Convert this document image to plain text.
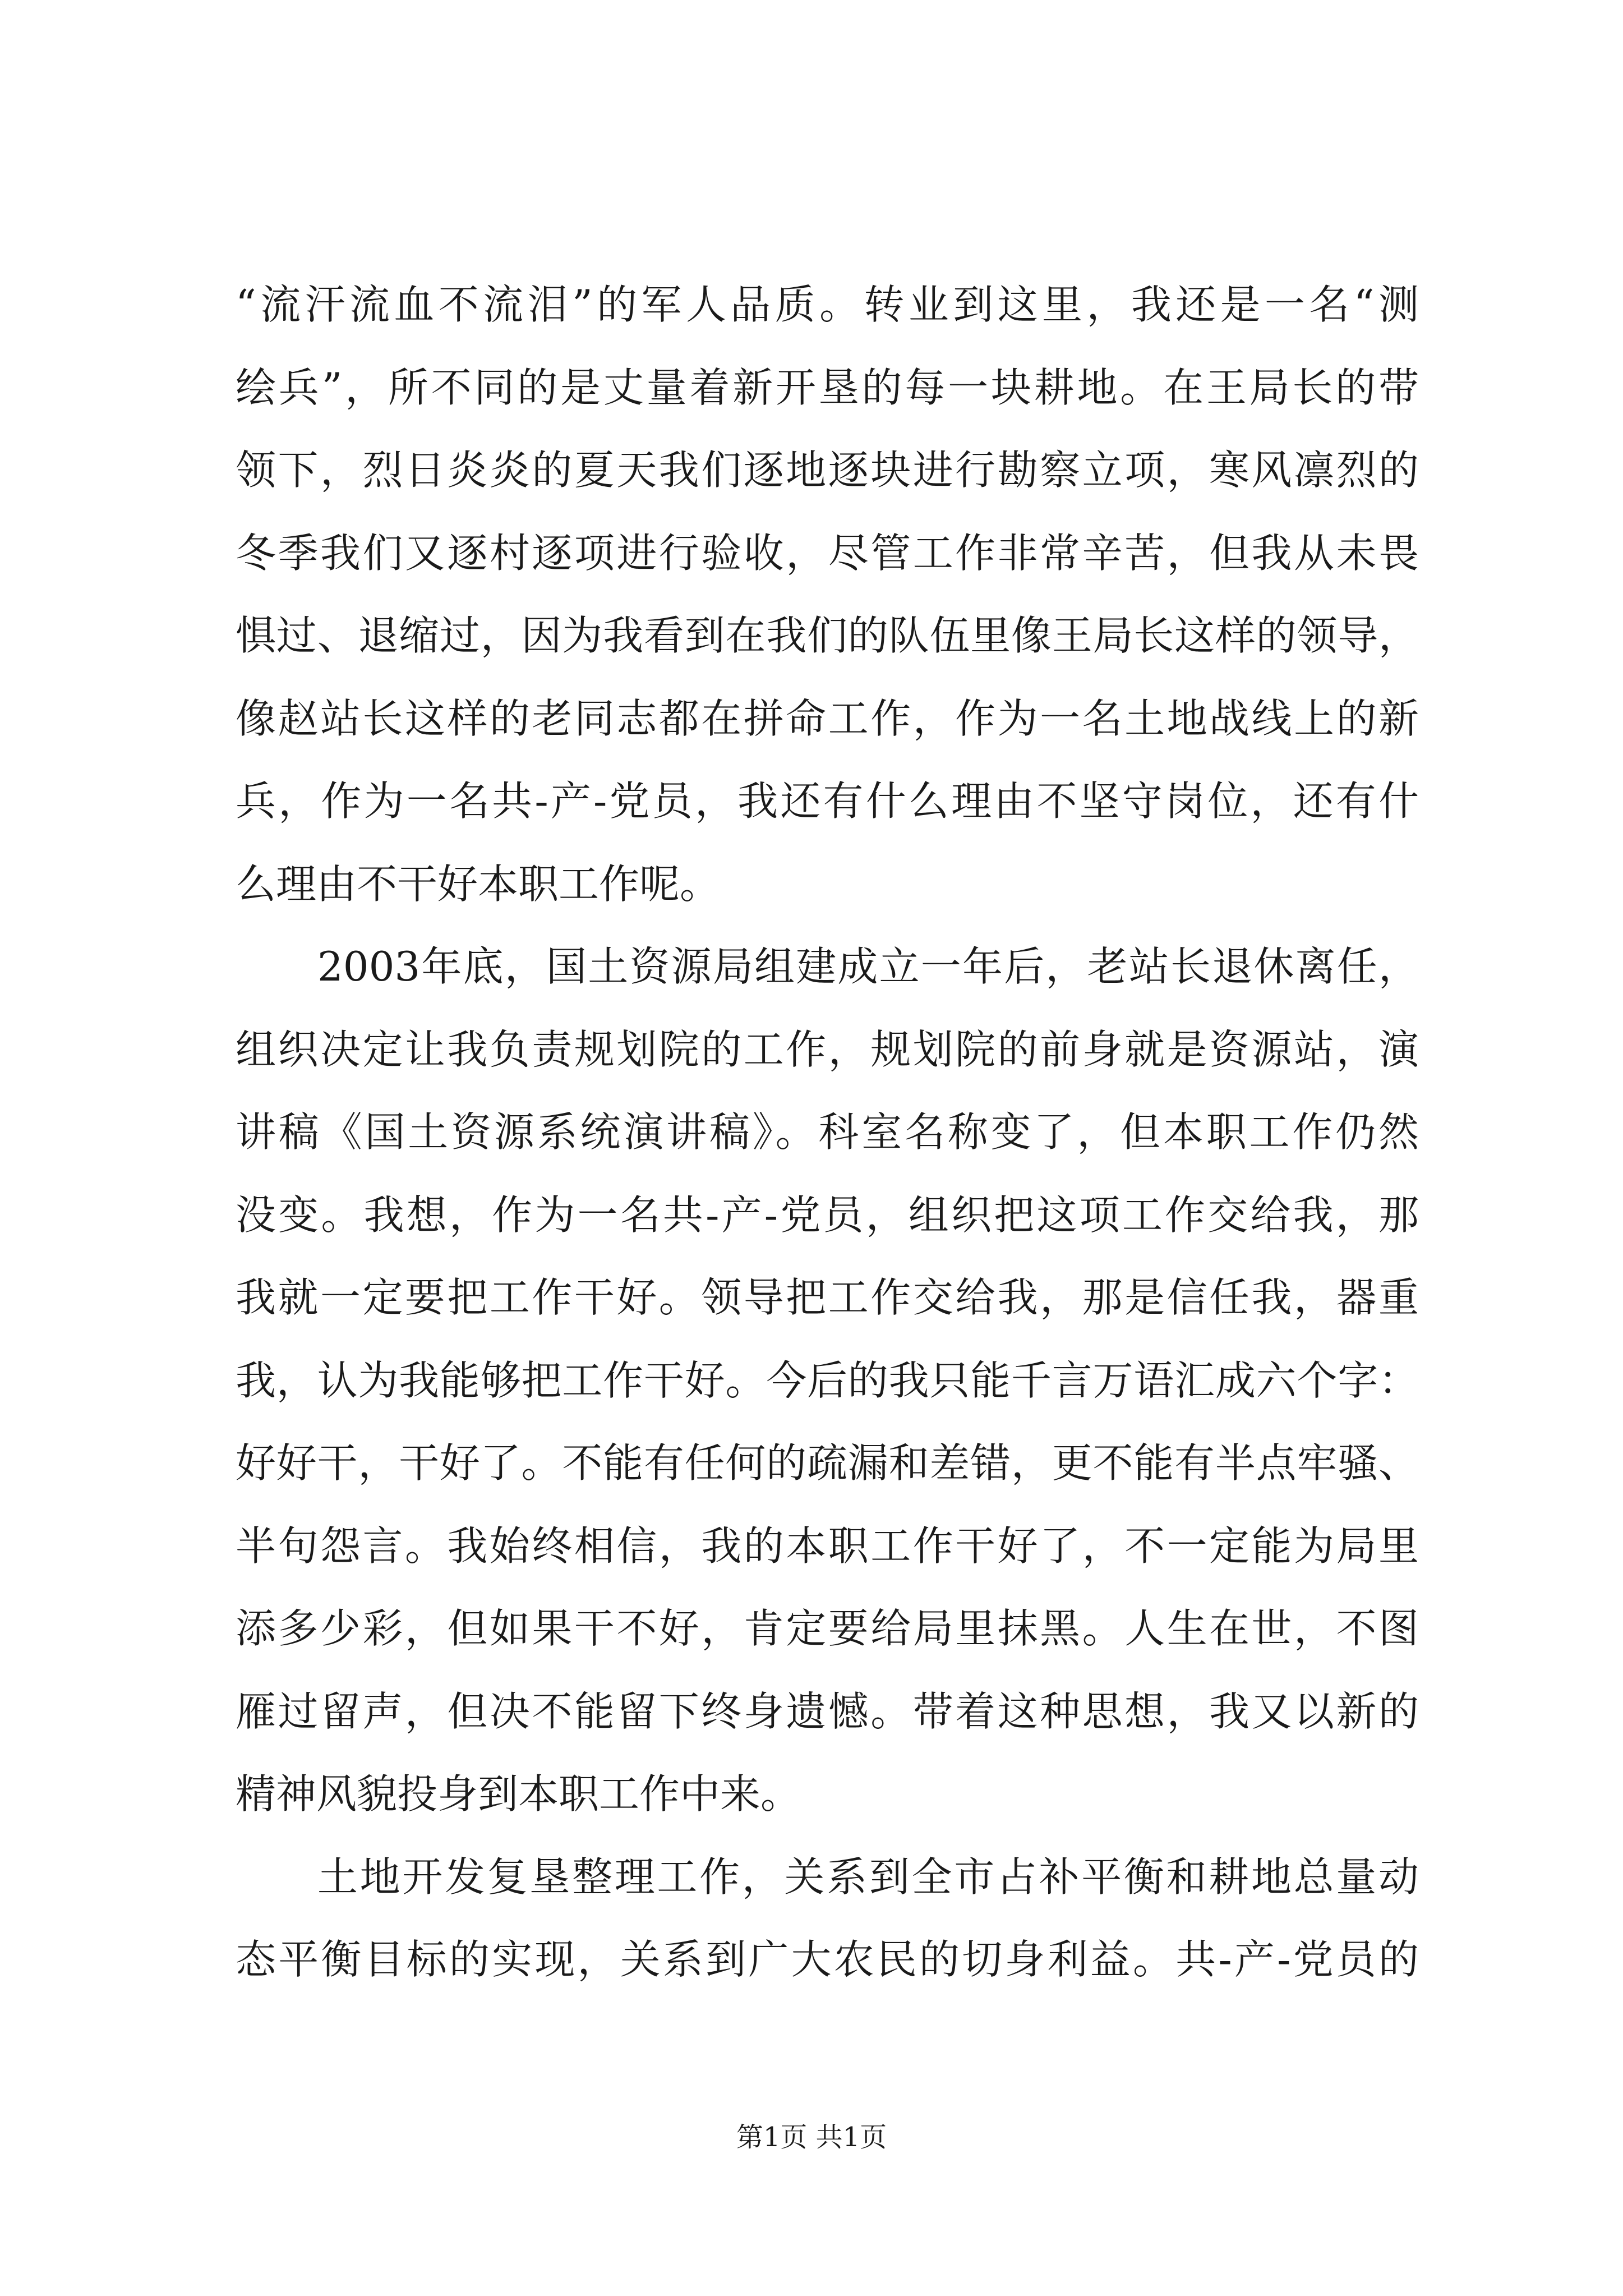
“流汗流血不流泪”的军人品质。转业到这里，我还是一名“测
绘兵”，所不同的是丈量着新开垦的每一块耕地。在王局长的带
领下，烈日炎炎的夏天我们逐地逐块进行勘察立项，寒风凛烈的
冬季我们又逐村逐项进行验收，尽管工作非常辛苦，但我从未畏
惧过、退缩过，因为我看到在我们的队伍里像王局长这样的领导，
像赵站长这样的老同志都在拼命工作，作为一名土地战线上的新
兵，作为一名共-产-党员，我还有什么理由不坚守岗位，还有什
么理由不干好本职工作呢。
2003年底，国土资源局组建成立一年后，老站长退休离任，
组织决定让我负责规划院的工作，规划院的前身就是资源站，演
讲稿《国土资源系统演讲稿》。科室名称变了，但本职工作仍然
没变。我想，作为一名共-产-党员，组织把这项工作交给我，那
我就一定要把工作干好。领导把工作交给我，那是信任我，器重
我，认为我能够把工作干好。今后的我只能千言万语汇成六个字：
好好干，干好了。不能有任何的疏漏和差错，更不能有半点牢骚、
半句怨言。我始终相信，我的本职工作干好了，不一定能为局里
添多少彩，但如果干不好，肯定要给局里抹黑。人生在世，不图
雁过留声，但决不能留下终身遗憾。带着这种思想，我又以新的
精神风貌投身到本职工作中来。
土地开发复垦整理工作，关系到全市占补平衡和耕地总量动
态平衡目标的实现，关系到广大农民的切身利益。共-产-党员的
第1页 共1页
